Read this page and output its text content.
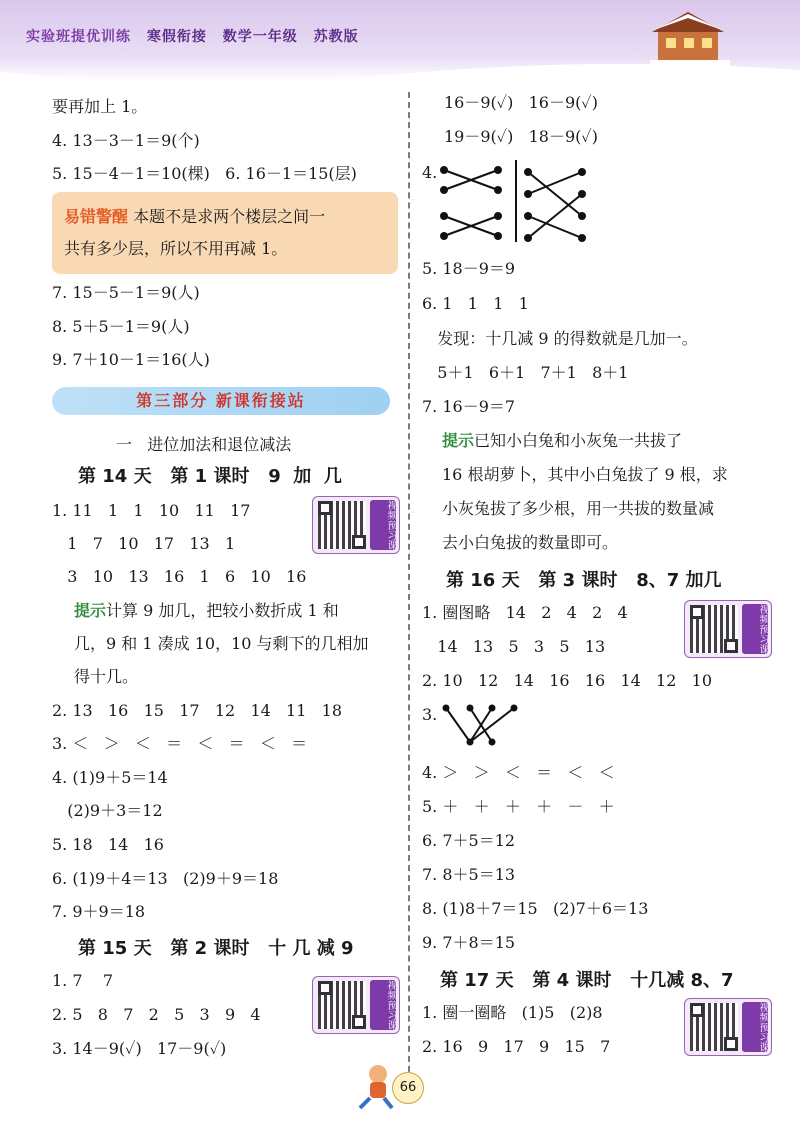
实验班提优训练 寒假衔接 数学一年级 苏教版
要再加上 1。
4. 13－3－1＝9(个)
5. 15－4－1＝10(棵)   6. 16－1＝15(层)
易错警醒 本题不是求两个楼层之间一
共有多少层，所以不用再减 1。
7. 15－5－1＝9(人)
8. 5＋5－1＝9(人)
9. 7＋10－1＝16(人)
第三部分 新课衔接站
一   进位加法和退位减法
第 14 天   第 1 课时   9  加  几
1. 11   1   1   10   11   17
1   7   10   17   13   1
3   10   13   16   1   6   10   16
视频预习课
提示计算 9 加几，把较小数折成 1 和
几，9 和 1 凑成 10，10 与剩下的几相加
得十几。
2. 13   16   15   17   12   14   11   18
3. ＜   ＞   ＜   ＝   ＜   ＝   ＜   ＝
4. (1)9＋5＝14
(2)9＋3＝12
5. 18   14   16
6. (1)9＋4＝13   (2)9＋9＝18
7. 9＋9＝18
第 15 天   第 2 课时   十 几 减 9
1. 7    7
2. 5   8   7   2   5   3   9   4
3. 14－9(✓)   17－9(✓)
视频预习课
16－9(✓)   16－9(✓)
19－9(✓)   18－9(✓)
4.
5. 18－9＝9
6. 1   1   1   1
发现：十几减 9 的得数就是几加一。
5＋1   6＋1   7＋1   8＋1
7. 16－9＝7
提示已知小白兔和小灰兔一共拔了
16 根胡萝卜，其中小白兔拔了 9 根，求
小灰兔拔了多少根，用一共拔的数量减
去小白兔拔的数量即可。
第 16 天   第 3 课时   8、7 加几
1. 圈图略   14   2   4   2   4
14   13   5   3   5   13	视频预习课
2. 10   12   14   16   16   14   12   10
3.
4. ＞   ＞   ＜   ＝   ＜   ＜
5. ＋   ＋   ＋   ＋   －   ＋
6. 7＋5＝12
7. 8＋5＝13
8. (1)8＋7＝15   (2)7＋6＝13
9. 7＋8＝15
第 17 天   第 4 课时   十几减 8、7
1. 圈一圈略   (1)5   (2)8
2. 16   9   17   9   15   7	视频预习课
66
